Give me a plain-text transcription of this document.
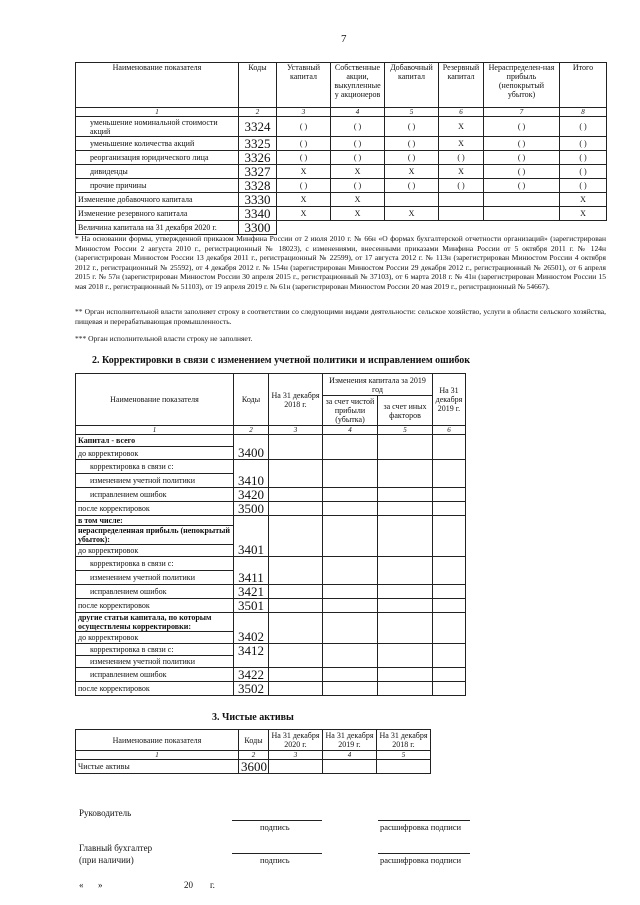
7
Наименование показателя	Коды	Уставный капитал	Собственные акции, выкупленные у акционеров	Добавочный капитал	Резервный капитал	Нераспределен-ная прибыль (непокрытый убыток)	Итого
1	2	3	4	5	6	7	8
уменьшение номинальной стоимости акций	3324	( )	( )	( )	X	( )	( )
уменьшение количества акций	3325	( )	( )	( )	X	( )	( )
реорганизация юридического лица	3326	( )	( )	( )	( )	( )	( )
дивиденды	3327	X	X	X	X	( )	( )
прочие причины	3328	( )	( )	( )	( )	( )	( )
Изменение добавочного капитала	3330	X	X				X
Изменение резервного капитала	3340	X	X	X			X
Величина капитала на 31 декабря 2020 г.	3300						
* На основании формы, утвержденной приказом Минфина России от 2 июля 2010 г. № 66н «О формах бухгалтерской отчетности организаций» (зарегистрирован Минюстом России 2 августа 2010 г., регистрационный № 18023), с изменениями, внесенными приказами Минфина России от 5 октября 2011 г. № 124н (зарегистрирован Минюстом России 13 декабря 2011 г., регистрационный № 22599), от 17 августа 2012 г. № 113н (зарегистрирован Минюстом России 4 октября 2012 г., регистрационный № 25592), от 4 декабря 2012 г. № 154н (зарегистрирован Минюстом России 29 декабря 2012 г., регистрационный № 26501), от 6 апреля 2015 г. № 57н (зарегистрирован Минюстом России 30 апреля 2015 г., регистрационный № 37103), от 6 марта 2018 г. № 41н (зарегистрирован Минюстом России 15 мая 2018 г., регистрационный № 51103), от 19 апреля 2019 г. № 61н (зарегистрирован Минюстом России 20 мая 2019 г., регистрационный № 54667).
** Орган исполнительной власти заполняет строку в соответствии со следующими видами деятельности: сельское хозяйство, услуги в области сельского хозяйства, пищевая и перерабатывающая промышленность.
*** Орган исполнительной власти строку не заполняет.
2. Корректировки в связи с изменением учетной политики и исправлением ошибок
Наименование показателя	Коды	На 31 декабря 2018 г.	Изменения капитала за 2019 год		На 31 декабря 2019 г.
			за счет чистой прибыли (убытка)	за счет иных факторов	
1	2	3	4	5	6
Капитал - всего	3400				
до корректировок					
корректировка в связи с:	3410				
изменением учетной политики					
исправлением ошибок	3420				
после корректировок	3500				
в том числе:	3401				
нераспределенная прибыль (непокрытый убыток):					
до корректировок					
корректировка в связи с:	3411				
изменением учетной политики					
исправлением ошибок	3421				
после корректировок	3501				
другие статьи капитала, по которым осуществлены корректировки:	3402				
до корректировок					
корректировка в связи с:	3412				
изменением учетной политики					
исправлением ошибок	3422				
после корректировок	3502				
3. Чистые активы
Наименование показателя	Коды	На 31 декабря 2020 г.	На 31 декабря 2019 г.	На 31 декабря 2018 г.
1	2	3	4	5
Чистые активы	3600			
Руководитель
подпись	расшифровка подписи
Главный бухгалтер
(при наличии)	подпись	расшифровка подписи
« »	20 г.
